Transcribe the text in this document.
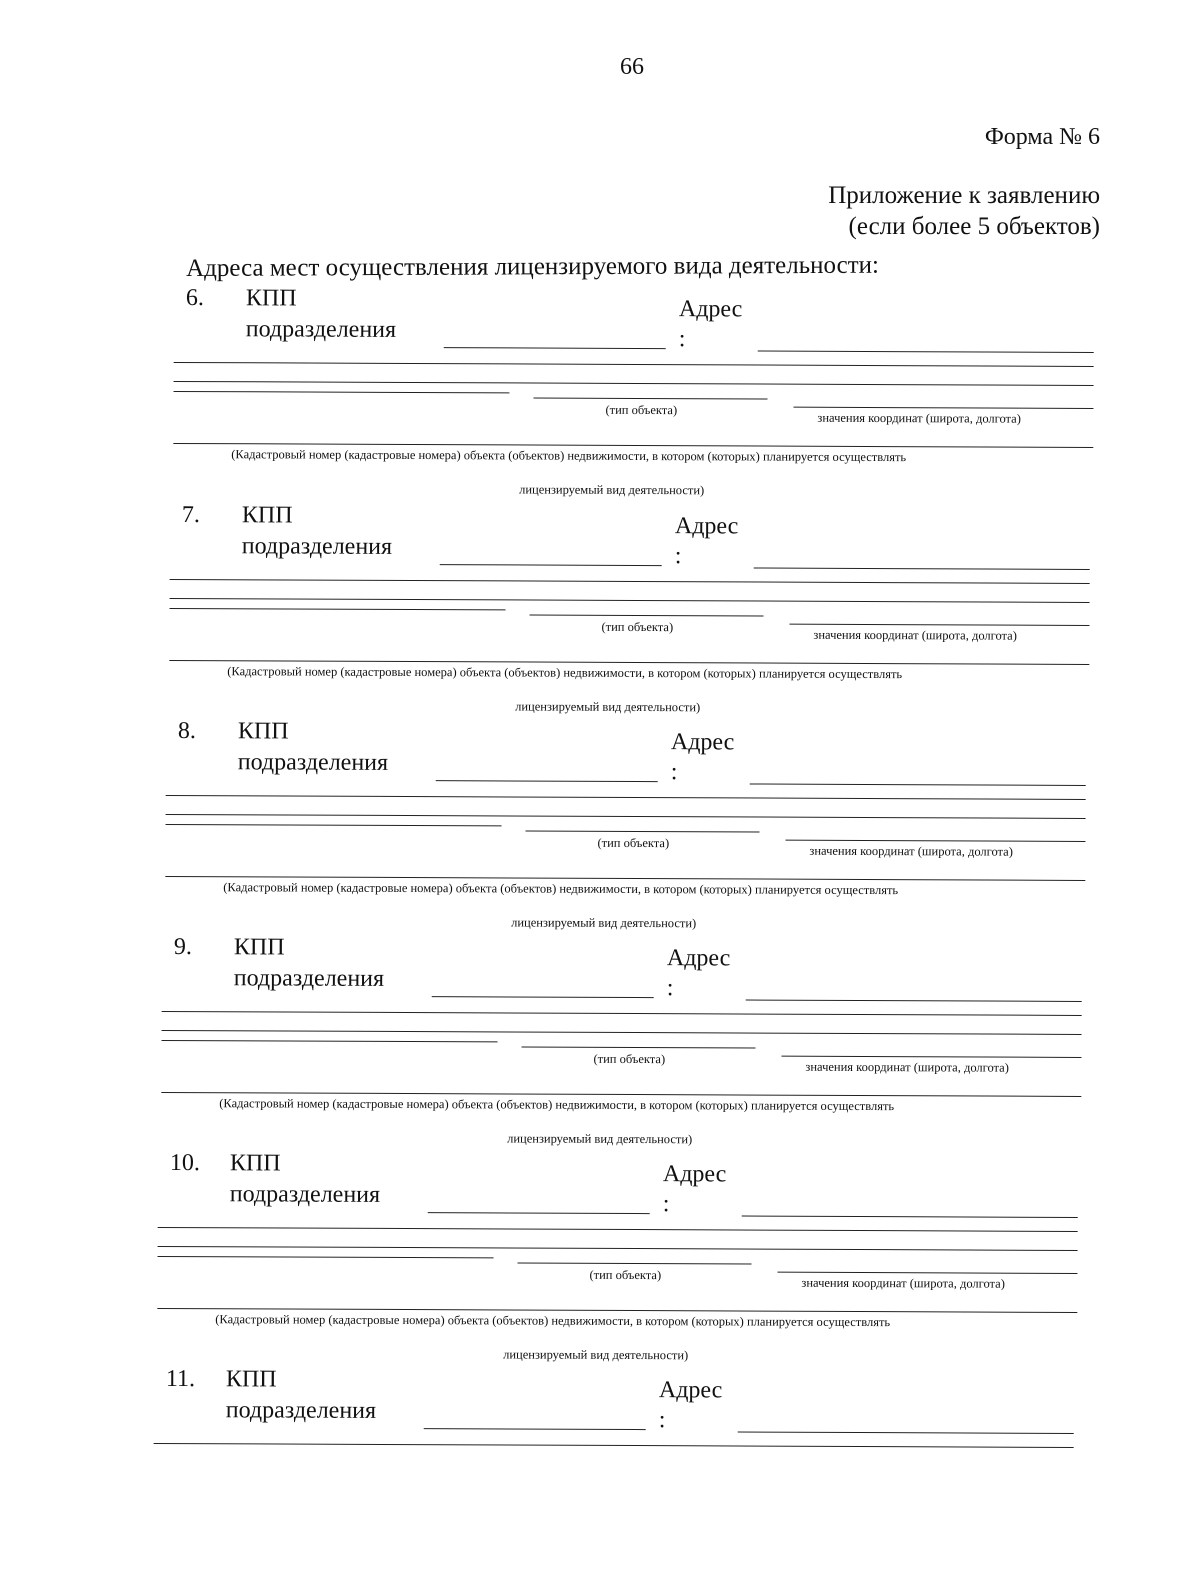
66
Форма № 6
Приложение к заявлению
(если более 5 объектов)
Адреса мест осуществления лицензируемого вида деятельности:
6. КПП
подразделения
Адрес
:
(тип объекта)
значения координат (широта, долгота)
(Кадастровый номер (кадастровые номера) объекта (объектов) недвижимости, в котором (которых) планируется осуществлять
лицензируемый вид деятельности)
7. КПП
подразделения
Адрес
:
(тип объекта)
значения координат (широта, долгота)
(Кадастровый номер (кадастровые номера) объекта (объектов) недвижимости, в котором (которых) планируется осуществлять
лицензируемый вид деятельности)
8. КПП
подразделения
Адрес
:
(тип объекта)
значения координат (широта, долгота)
(Кадастровый номер (кадастровые номера) объекта (объектов) недвижимости, в котором (которых) планируется осуществлять
лицензируемый вид деятельности)
9. КПП
подразделения
Адрес
:
(тип объекта)
значения координат (широта, долгота)
(Кадастровый номер (кадастровые номера) объекта (объектов) недвижимости, в котором (которых) планируется осуществлять
лицензируемый вид деятельности)
10. КПП
подразделения
Адрес
:
(тип объекта)
значения координат (широта, долгота)
(Кадастровый номер (кадастровые номера) объекта (объектов) недвижимости, в котором (которых) планируется осуществлять
лицензируемый вид деятельности)
11. КПП
подразделения
Адрес
:
